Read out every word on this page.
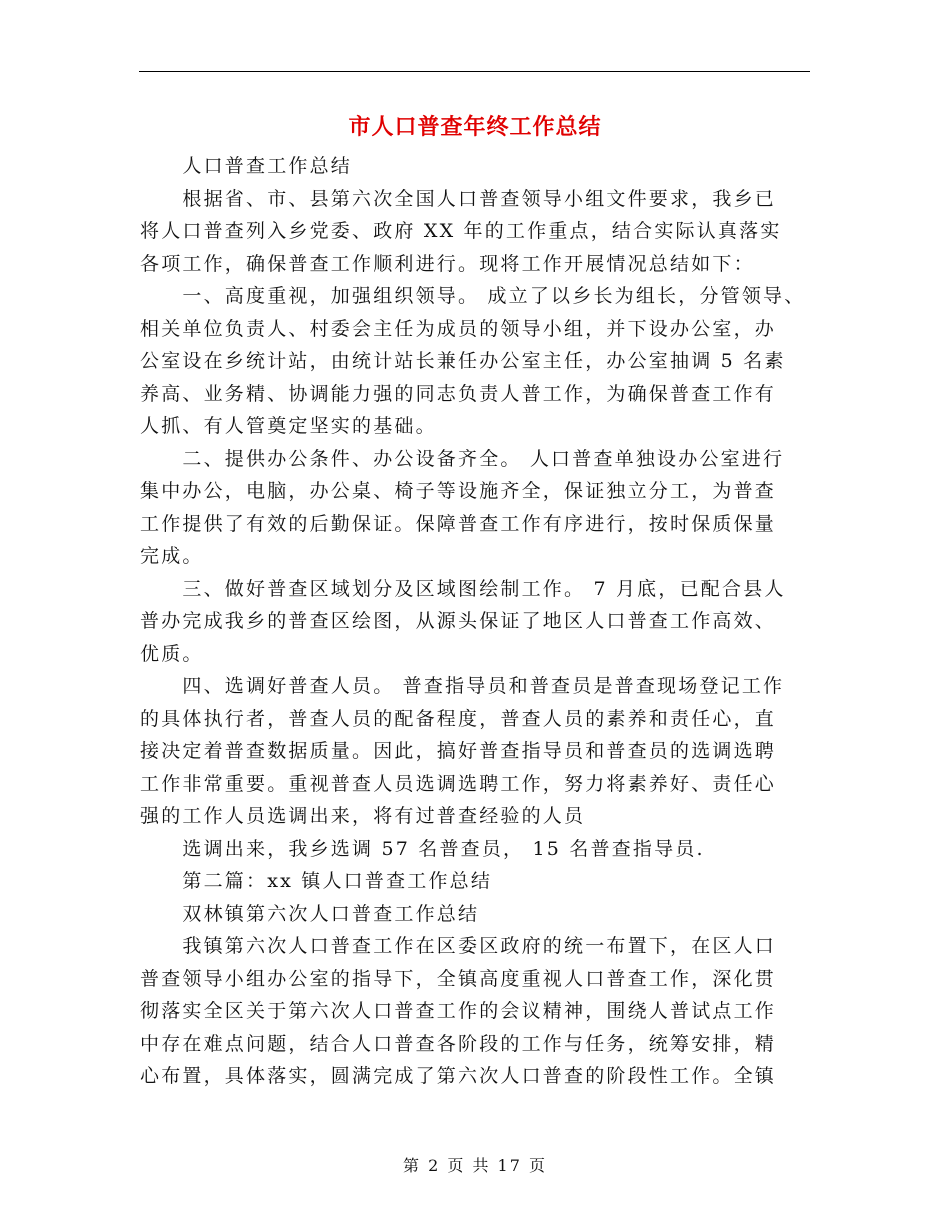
市人口普查年终工作总结
　　人口普查工作总结
　　根据省、市、县第六次全国人口普查领导小组文件要求，我乡已
将人口普查列入乡党委、政府 XX 年的工作重点，结合实际认真落实
各项工作，确保普查工作顺利进行。现将工作开展情况总结如下：
　　一、高度重视，加强组织领导。 成立了以乡长为组长，分管领导、
相关单位负责人、村委会主任为成员的领导小组，并下设办公室，办
公室设在乡统计站，由统计站长兼任办公室主任，办公室抽调 5 名素
养高、业务精、协调能力强的同志负责人普工作，为确保普查工作有
人抓、有人管奠定坚实的基础。
　　二、提供办公条件、办公设备齐全。 人口普查单独设办公室进行
集中办公，电脑，办公桌、椅子等设施齐全，保证独立分工，为普查
工作提供了有效的后勤保证。保障普查工作有序进行，按时保质保量
完成。
　　三、做好普查区域划分及区域图绘制工作。 7 月底，已配合县人
普办完成我乡的普查区绘图，从源头保证了地区人口普查工作高效、
优质。
　　四、选调好普查人员。 普查指导员和普查员是普查现场登记工作
的具体执行者，普查人员的配备程度，普查人员的素养和责任心，直
接决定着普查数据质量。因此，搞好普查指导员和普查员的选调选聘
工作非常重要。重视普查人员选调选聘工作，努力将素养好、责任心
强的工作人员选调出来，将有过普查经验的人员
　　选调出来，我乡选调 57 名普查员， 15 名普查指导员.
　　第二篇：xx 镇人口普查工作总结
　　双林镇第六次人口普查工作总结
　　我镇第六次人口普查工作在区委区政府的统一布置下，在区人口
普查领导小组办公室的指导下，全镇高度重视人口普查工作，深化贯
彻落实全区关于第六次人口普查工作的会议精神，围绕人普试点工作
中存在难点问题，结合人口普查各阶段的工作与任务，统筹安排，精
心布置，具体落实，圆满完成了第六次人口普查的阶段性工作。全镇
第 2 页 共 17 页
